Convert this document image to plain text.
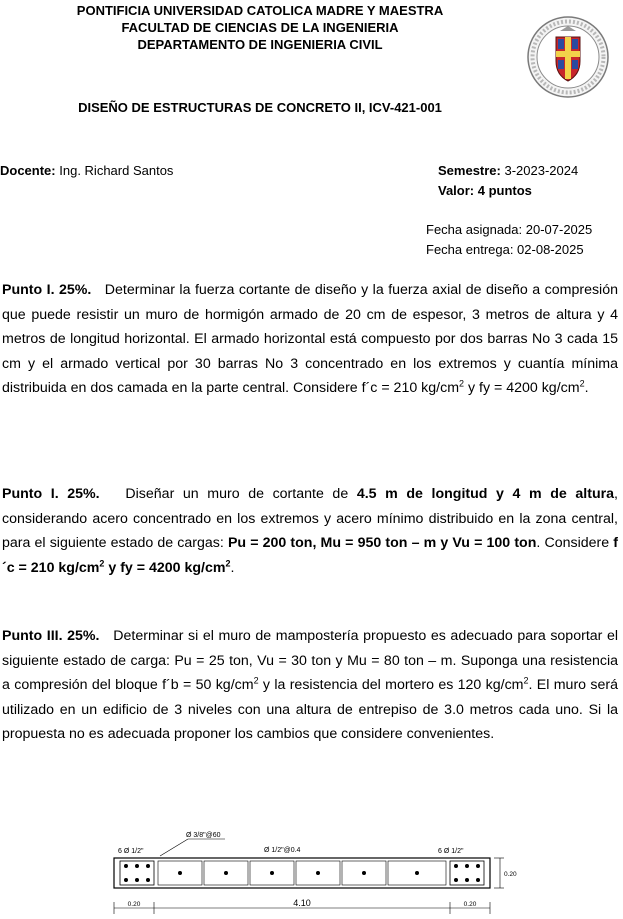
PONTIFICIA UNIVERSIDAD CATOLICA MADRE Y MAESTRA
FACULTAD DE CIENCIAS DE LA INGENIERIA
DEPARTAMENTO DE INGENIERIA CIVIL
DISEÑO DE ESTRUCTURAS DE CONCRETO II, ICV-421-001
Docente: Ing. Richard Santos	Semestre: 3-2023-2024
Valor: 4 puntos
Fecha asignada: 20-07-2025
Fecha entrega: 02-08-2025
Punto I. 25%. Determinar la fuerza cortante de diseño y la fuerza axial de diseño a compresión que puede resistir un muro de hormigón armado de 20 cm de espesor, 3 metros de altura y 4 metros de longitud horizontal. El armado horizontal está compuesto por dos barras No 3 cada 15 cm y el armado vertical por 30 barras No 3 concentrado en los extremos y cuantía mínima distribuida en dos camada en la parte central. Considere f´c = 210 $kg/cm^2$ y fy = 4200 $kg/cm^2$.
Punto I. 25%. Diseñar un muro de cortante de 4.5 m de longitud y 4 m de altura, considerando acero concentrado en los extremos y acero mínimo distribuido en la zona central, para el siguiente estado de cargas: Pu = 200 ton, Mu = 950 ton – m y Vu = 100 ton. Considere f´c = 210 $kg/cm^2$ y fy = 4200 $kg/cm^2$.
Punto III. 25%. Determinar si el muro de mampostería propuesto es adecuado para soportar el siguiente estado de carga: Pu = 25 ton, Vu = 30 ton y Mu = 80 ton – m. Suponga una resistencia a compresión del bloque f´b = 50 $kg/cm^2$ y la resistencia del mortero es 120 $kg/cm^2$. El muro será utilizado en un edificio de 3 niveles con una altura de entrepiso de 3.0 metros cada uno. Si la propuesta no es adecuada proponer los cambios que considere convenientes.
Ø 3/8"@60
6 Ø 1/2"	Ø 1/2"@0.4	6 Ø 1/2"
0.20
0.20	4.10	0.20
